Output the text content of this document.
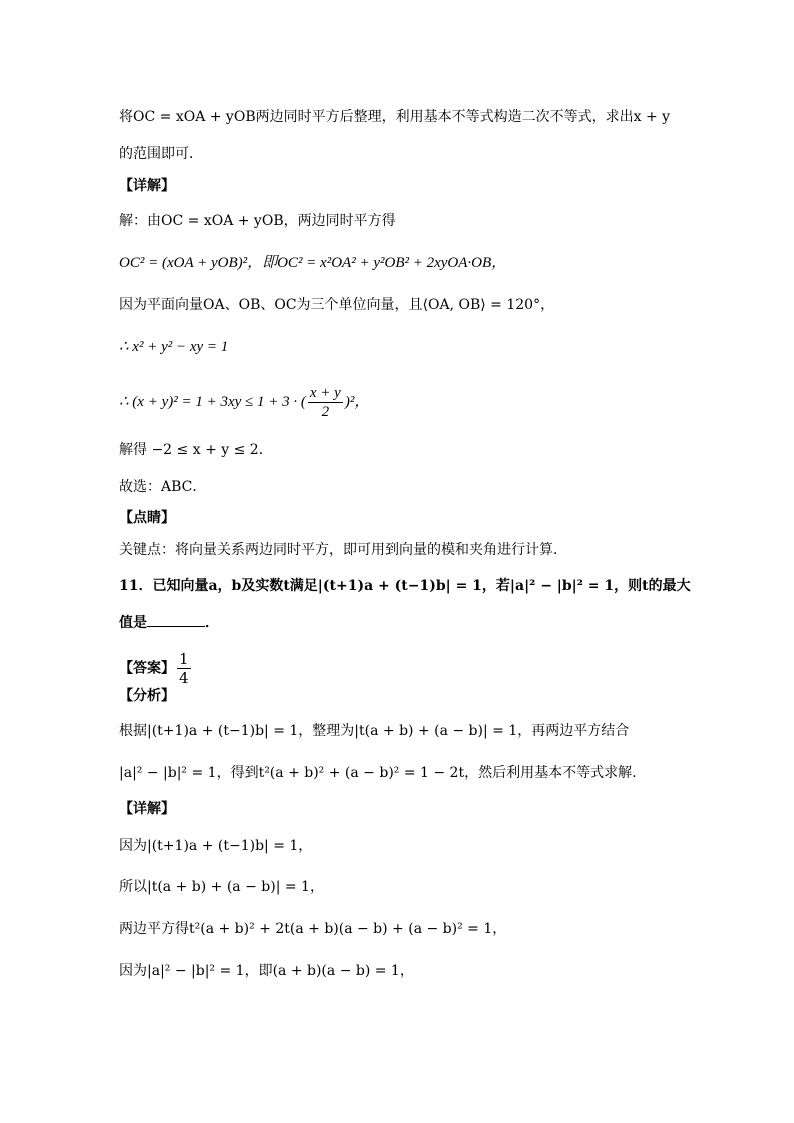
将OC = xOA + yOB两边同时平方后整理，利用基本不等式构造二次不等式，求出x + y
的范围即可．
【详解】
解：由OC = xOA + yOB，两边同时平方得
OC² = (xOA + yOB)²，即OC² = x²OA² + y²OB² + 2xyOA·OB，
因为平面向量OA、OB、OC为三个单位向量，且⟨OA, OB⟩ = 120°，
∴ x² + y² − xy = 1
∴ (x + y)² = 1 + 3xy ≤ 1 + 3 · ( $\frac{x + y}{2} )^2$，
解得 −2 ≤ x + y ≤ 2．
故选：ABC．
【点睛】
关键点：将向量关系两边同时平方，即可用到向量的模和夹角进行计算．
11．已知向量a，b及实数t满足|(t+1)a + (t−1)b| = 1，若|a|² − |b|² = 1，则t的最大
值是	．
【答案】 $\frac{1}{4}$
【分析】
根据|(t+1)a + (t−1)b| = 1，整理为|t(a + b) + (a − b)| = 1，再两边平方结合
|a|² − |b|² = 1，得到t²(a + b)² + (a − b)² = 1 − 2t，然后利用基本不等式求解.
【详解】
因为|(t+1)a + (t−1)b| = 1，
所以|t(a + b) + (a − b)| = 1，
两边平方得t²(a + b)² + 2t(a + b)(a − b) + (a − b)² = 1，
因为|a|² − |b|² = 1，即(a + b)(a − b) = 1，
